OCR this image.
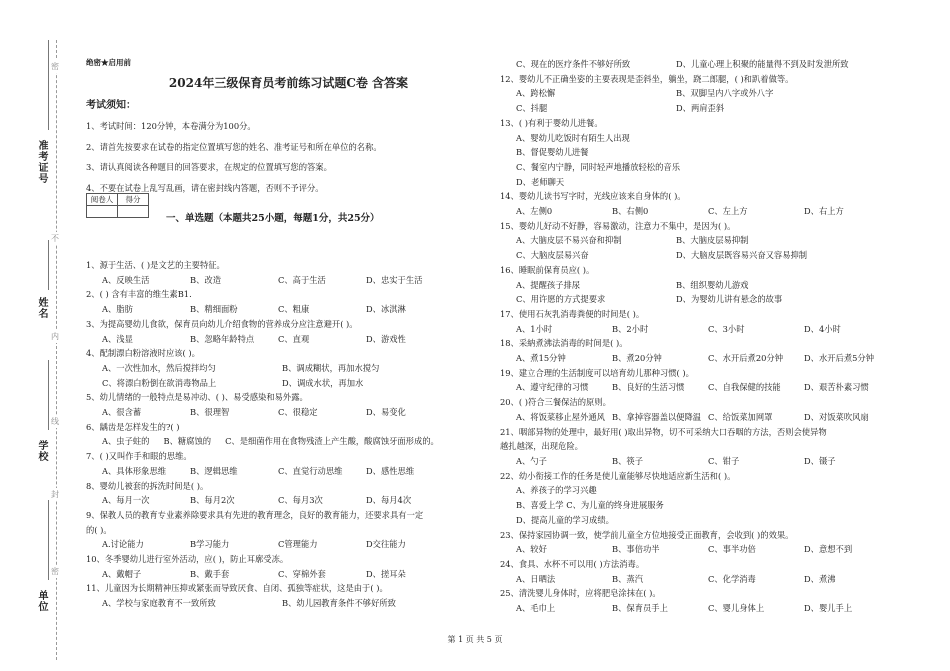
密
不
内
线
封
密
准考证号
姓名
学校
单位
绝密★启用前
2024年三级保育员考前练习试题C卷 含答案
考试须知：
1、考试时间：120分钟，本卷满分为100分。
2、请首先按要求在试卷的指定位置填写您的姓名、准考证号和所在单位的名称。
3、请认真阅读各种题目的回答要求，在规定的位置填写您的答案。
4、不要在试卷上乱写乱画，请在密封线内答题，否则不予评分。
阅卷人	得分

一、单选题（本题共25小题，每题1分，共25分）
1、源于生活、( )是文艺的主要特征。
A、反映生活	B、改造	C、高于生活	D、忠实于生活
2、( ) 含有丰富的维生素B1.
A、脂肪	B、精细面粉	C、粗康	D、冰淇淋
3、为提高婴幼儿食欲，保育员向幼儿介绍食物的营养成分应注意避开( )。
A、浅显	B、忽略年龄特点	C、直观	D、游戏性
4、配制漂白粉溶液时应该( )。
A、一次性加水，然后搅拌均匀	B、调成糊状，再加水搅匀
C、将漂白粉倒在欲消毒物品上	D、调成水状，再加水
5、幼儿情绪的一般特点是易冲动、( )、易受感染和易外露。
A、很含蓄	B、很理智	C、很稳定	D、易变化
6、龋齿是怎样发生的?( )
A、虫子蛀的 B、糖腐蚀的 C、是细菌作用在食物残渣上产生酸，酸腐蚀牙面形成的。
7、( )又叫作手和眼的思维。
A、具体形象思维	B、逻辑思维	C、直觉行动思维	D、感性思维
8、婴幼儿被套的拆洗时间是( )。
A、每月一次	B、每月2次	C、每月3次	D、每月4次
9、保教人员的教育专业素养除要求具有先进的教育理念，良好的教育能力，还要求具有一定
的( )。
A.讨论能力	B学习能力	C管理能力	D交往能力
10、冬季婴幼儿进行室外活动，应( )，防止耳廓受冻。
A、戴帽子	B、戴手套	C、穿棉外套	D、搓耳朵
11、儿童因为长期精神压抑或紧张而导致厌食、自闭、孤独等症状，这是由于( )。
A、学校与家庭教育不一致所致	B、幼儿园教育条件不够好所致
C、现在的医疗条件不够好所致	D、儿童心理上积聚的能量得不到及时发泄所致
12、婴幼儿不正确坐姿的主要表现是歪斜坐，躺坐，跷二郎腿，( )和趴着做等。
A、跨松懈	B、双脚呈内八字或外八字
C、抖腿	D、两肩歪斜
13、( )有利于婴幼儿进餐。
A、婴幼儿吃饭时有陌生人出现
B、督促婴幼儿进餐
C、餐室内宁静，同时轻声地播放轻松的音乐
D、老师聊天
14、婴幼儿读书写字时，光线应该来自身体的( )。
A、左侧0	B、右侧0	C、左上方	D、右上方
15、婴幼儿好动不好静，容易激动，注意力不集中，是因为( )。
A、大脑皮层不易兴奋和抑制	B、大脑皮层易抑制
C、大脑皮层易兴奋	D、大脑皮层既容易兴奋又容易抑制
16、睡眠前保育员应( )。
A、提醒孩子排尿	B、组织婴幼儿游戏
C、用许愿的方式提要求	D、为婴幼儿讲有悬念的故事
17、使用石灰乳消毒粪便的时间是( )。
A、1小时	B、2小时	C、3小时	D、4小时
18、采納煮沸法消毒的时间是( )。
A、煮15分钟	B、煮20分钟	C、水开后煮20分钟	D、水开后煮5分钟
19、建立合理的生活制度可以培育幼儿那种习惯( )。
A、遵守纪律的习惯	B、良好的生活习惯	C、自我保健的技能	D、艰苦朴素习惯
20、( )符合三餐保洁的原则。
A、将饭菜移止屋外通风 B、拿掉容器盖以便降温 C、给饭菜加网罩	D、对饭菜吹风扇
21、咽部异物的处理中，最好用( )取出异物，切不可采纳大口吞咽的方法，否则会使异物
越扎越深，出现危险。
A、勺子	B、筷子	C、钳子	D、镊子
22、幼小衔接工作的任务是使儿童能够尽快地适应新生活和( )。
A、养孩子的学习兴趣
B、喜爱上学 C、为儿童的终身进展服务
D、提高儿童的学习成绩。
23、保持家园协调一致，使学前儿童全方位地接受正面教育，会收到( )的效果。
A、较好	B、事倍功半	C、事半功倍	D、意想不到
24、食具、水杯不可以用( )方法消毒。
A、日晒法	B、蒸汽	C、化学消毒	D、煮沸
25、清洗婴儿身体时，应将肥皂涂抹在( )。
A、毛巾上	B、保育员手上	C、婴儿身体上	D、婴儿手上
第 1 页 共 5 页
